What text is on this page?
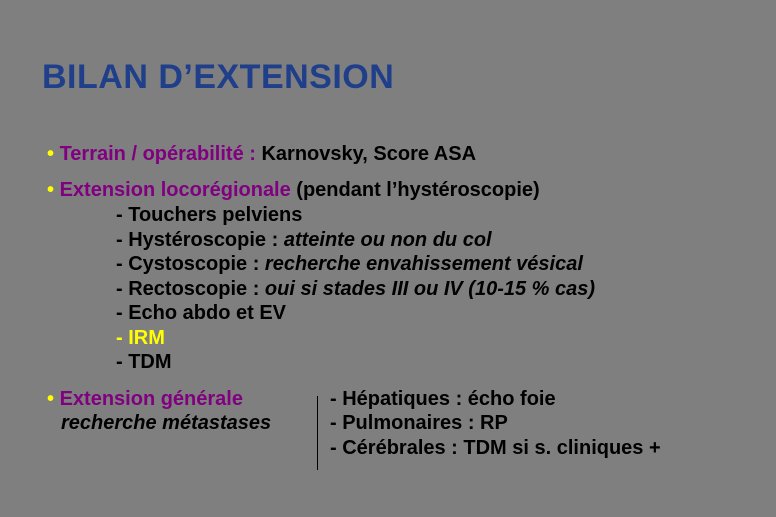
BILAN D’EXTENSION
• Terrain / opérabilité : Karnovsky, Score ASA
• Extension locorégionale (pendant l’hystéroscopie)
- Touchers pelviens
- Hystéroscopie : atteinte ou non du col
- Cystoscopie : recherche envahissement vésical
- Rectoscopie : oui si stades III ou IV (10-15 % cas)
- Echo abdo et EV
- IRM
- TDM
• Extension générale
recherche métastases
- Hépatiques : écho foie
- Pulmonaires : RP
- Cérébrales : TDM si s. cliniques +
